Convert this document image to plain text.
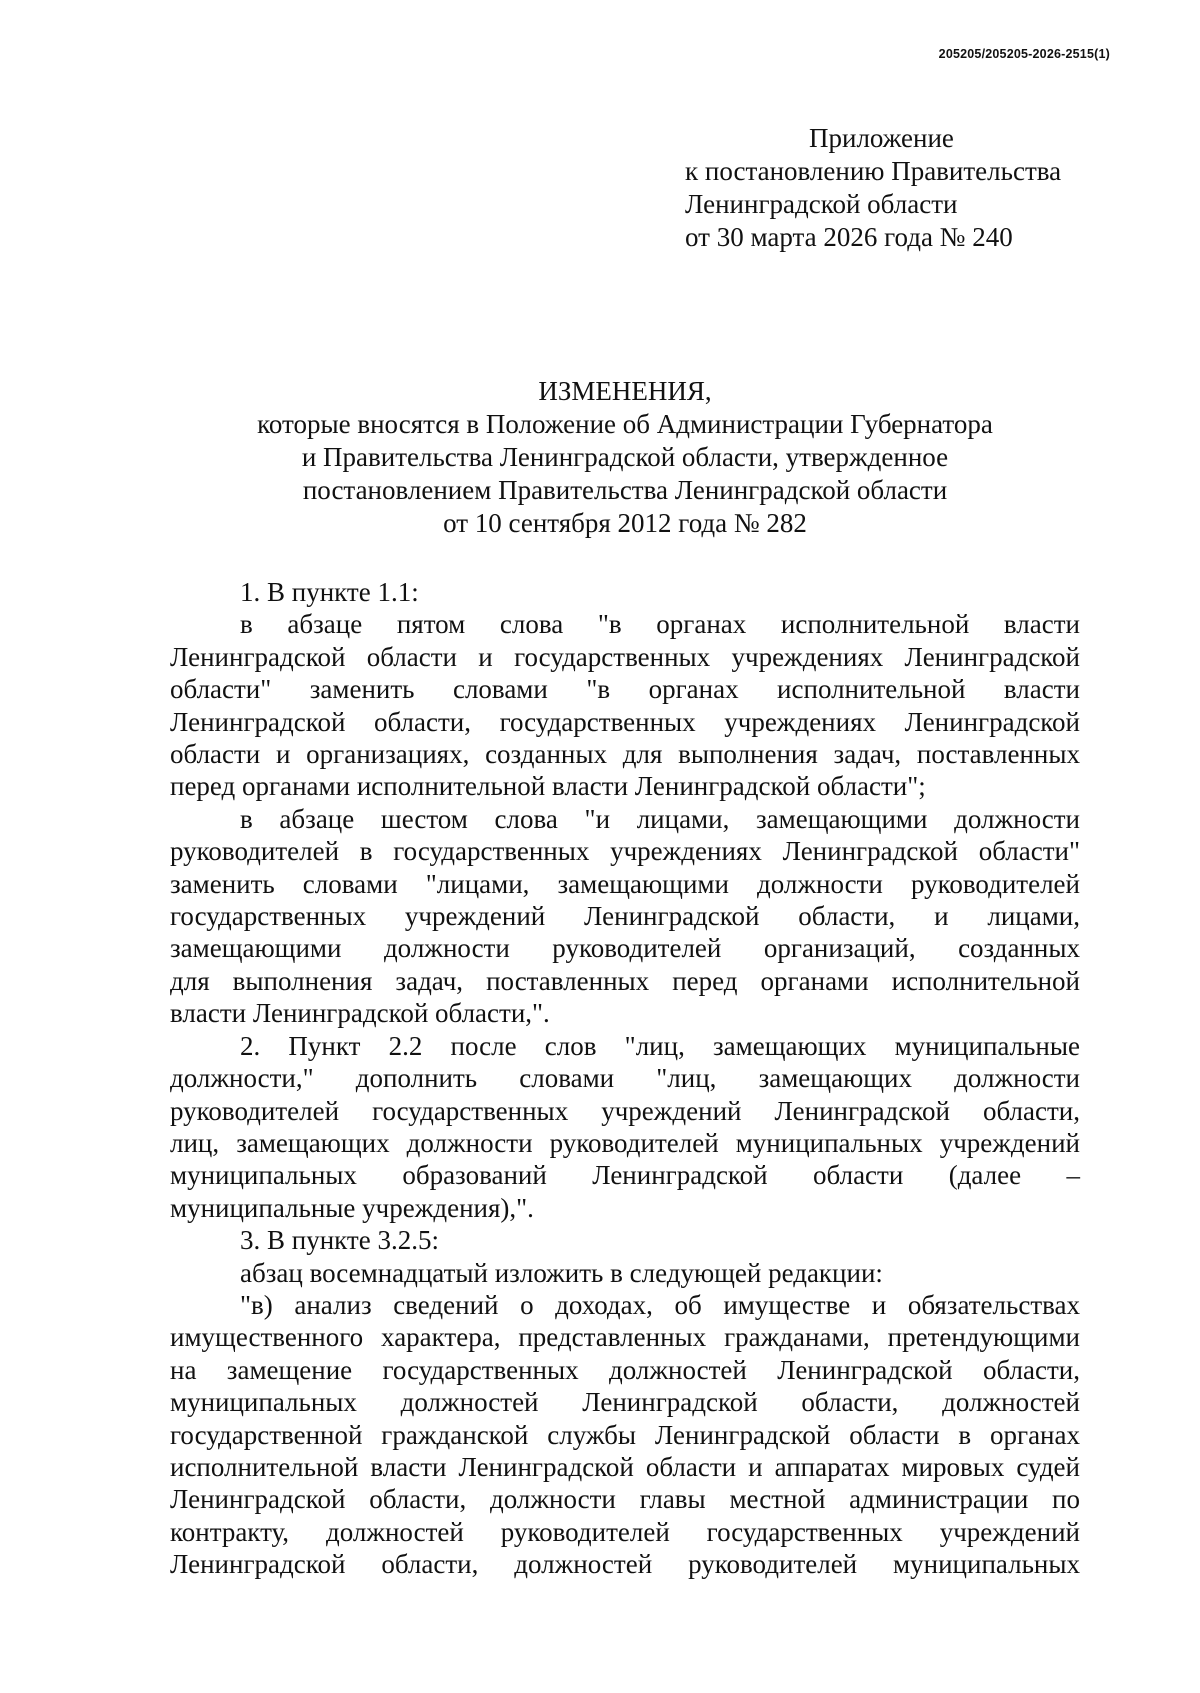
205205/205205-2026-2515(1)
Приложение
к постановлению Правительства
Ленинградской области
от 30 марта 2026 года № 240
ИЗМЕНЕНИЯ,
которые вносятся в Положение об Администрации Губернатора
и Правительства Ленинградской области, утвержденное
постановлением Правительства Ленинградской области
от 10 сентября 2012 года № 282
1. В пункте 1.1:
в абзаце пятом слова "в органах исполнительной власти
Ленинградской области и государственных учреждениях Ленинградской
области" заменить словами "в органах исполнительной власти
Ленинградской области, государственных учреждениях Ленинградской
области и организациях, созданных для выполнения задач, поставленных
перед органами исполнительной власти Ленинградской области";
в абзаце шестом слова "и лицами, замещающими должности
руководителей в государственных учреждениях Ленинградской области"
заменить словами "лицами, замещающими должности руководителей
государственных учреждений Ленинградской области, и лицами,
замещающими должности руководителей организаций, созданных
для выполнения задач, поставленных перед органами исполнительной
власти Ленинградской области,".
2. Пункт 2.2 после слов "лиц, замещающих муниципальные
должности," дополнить словами "лиц, замещающих должности
руководителей государственных учреждений Ленинградской области,
лиц, замещающих должности руководителей муниципальных учреждений
муниципальных образований Ленинградской области (далее –
муниципальные учреждения),".
3. В пункте 3.2.5:
абзац восемнадцатый изложить в следующей редакции:
"в) анализ сведений о доходах, об имуществе и обязательствах
имущественного характера, представленных гражданами, претендующими
на замещение государственных должностей Ленинградской области,
муниципальных должностей Ленинградской области, должностей
государственной гражданской службы Ленинградской области в органах
исполнительной власти Ленинградской области и аппаратах мировых судей
Ленинградской области, должности главы местной администрации по
контракту, должностей руководителей государственных учреждений
Ленинградской области, должностей руководителей муниципальных
